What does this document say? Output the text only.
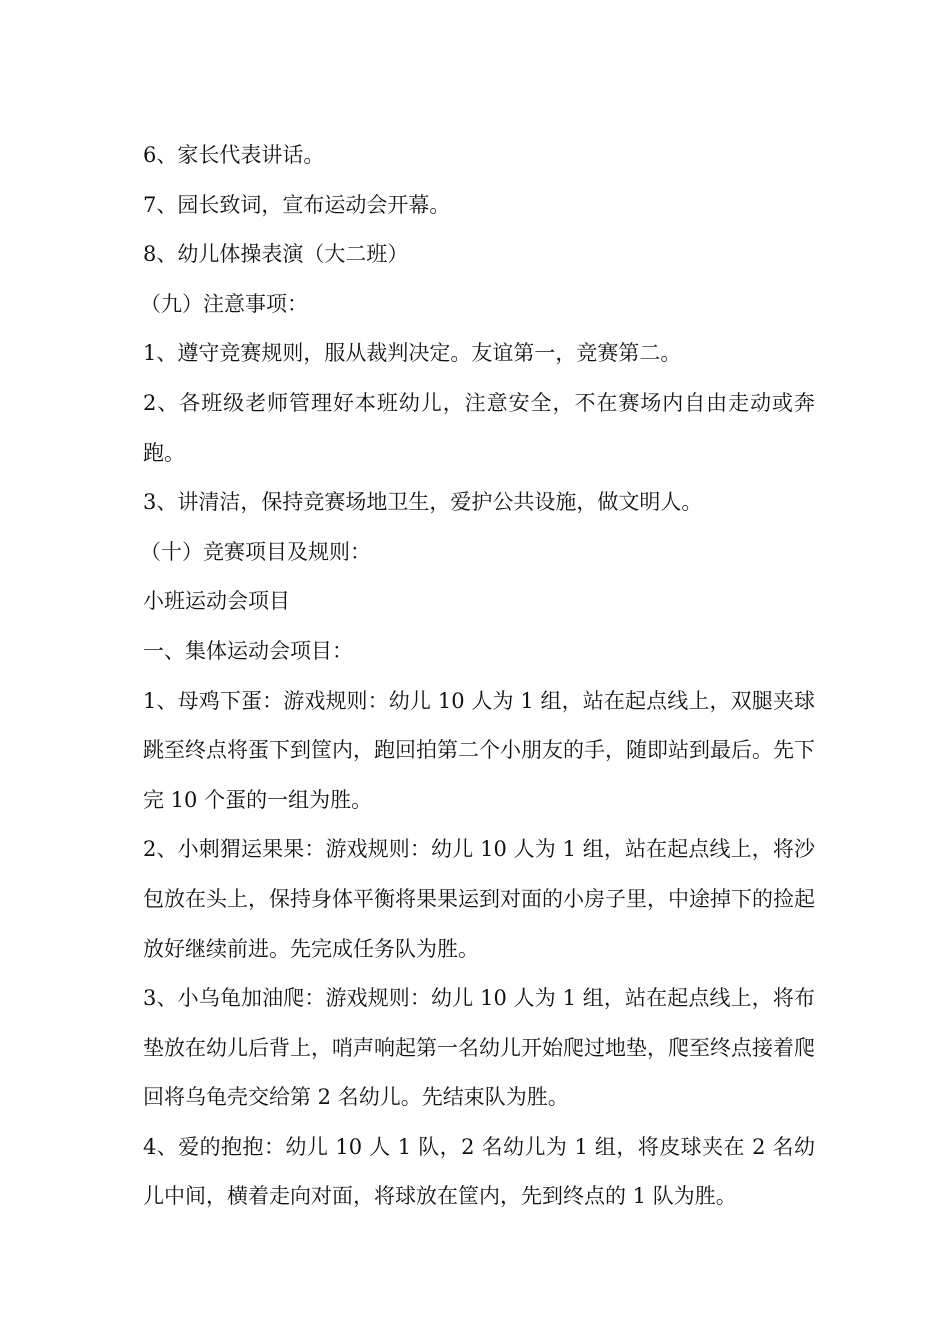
6、家长代表讲话。

7、园长致词，宣布运动会开幕。

8、幼儿体操表演（大二班）

（九）注意事项：

1、遵守竞赛规则，服从裁判决定。友谊第一，竞赛第二。

2、各班级老师管理好本班幼儿，注意安全，不在赛场内自由走动或奔跑。

3、讲清洁，保持竞赛场地卫生，爱护公共设施，做文明人。

（十）竞赛项目及规则：

小班运动会项目

一、集体运动会项目：

1、母鸡下蛋：游戏规则：幼儿 10 人为 1 组，站在起点线上，双腿夹球跳至终点将蛋下到筐内，跑回拍第二个小朋友的手，随即站到最后。先下完 10 个蛋的一组为胜。

2、小刺猬运果果：游戏规则：幼儿 10 人为 1 组，站在起点线上，将沙包放在头上，保持身体平衡将果果运到对面的小房子里，中途掉下的捡起放好继续前进。先完成任务队为胜。

3、小乌龟加油爬：游戏规则：幼儿 10 人为 1 组，站在起点线上，将布垫放在幼儿后背上，哨声响起第一名幼儿开始爬过地垫，爬至终点接着爬回将乌龟壳交给第 2 名幼儿。先结束队为胜。

4、爱的抱抱：幼儿 10 人 1 队，2 名幼儿为 1 组，将皮球夹在 2 名幼儿中间，横着走向对面，将球放在筐内，先到终点的 1 队为胜。
